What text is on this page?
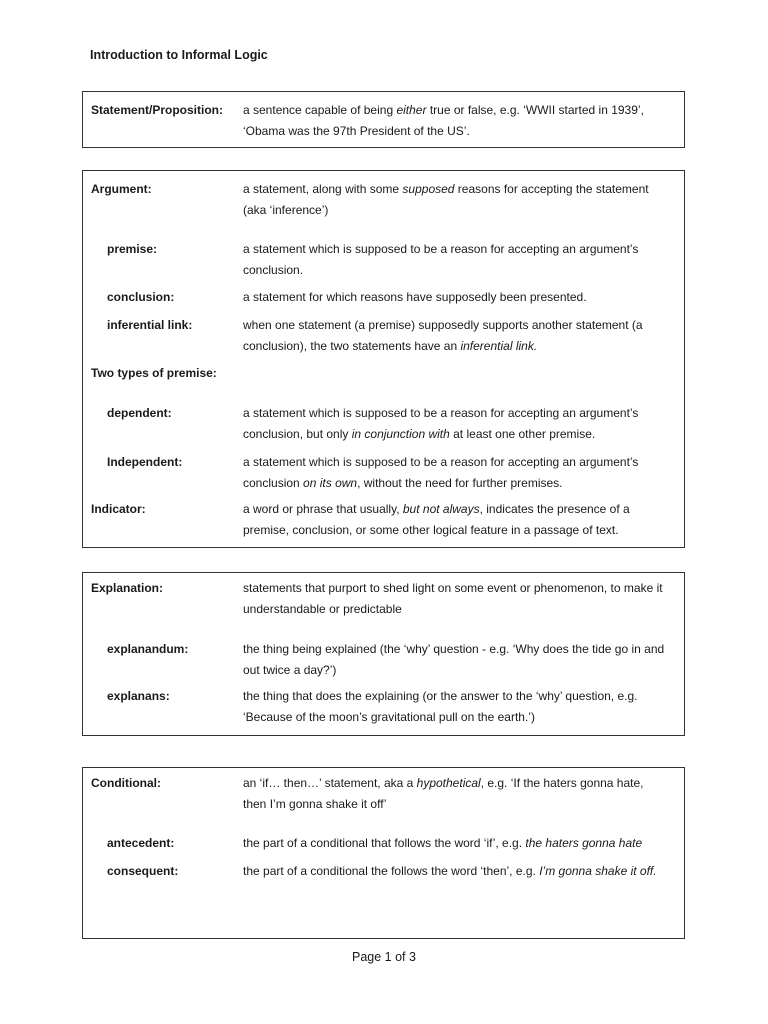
Introduction to Informal Logic
Statement/Proposition: a sentence capable of being either true or false, e.g. ‘WWII started in 1939’, ‘Obama was the 97th President of the US’.
Argument:	a statement, along with some supposed reasons for accepting the statement (aka ‘inference’)
premise:	a statement which is supposed to be a reason for accepting an argument’s conclusion.
conclusion:	a statement for which reasons have supposedly been presented.
inferential link:	when one statement (a premise) supposedly supports another statement (a conclusion), the two statements have an inferential link.
Two types of premise:
dependent:	a statement which is supposed to be a reason for accepting an argument’s conclusion, but only in conjunction with at least one other premise.
Independent:	a statement which is supposed to be a reason for accepting an argument’s conclusion on its own, without the need for further premises.
Indicator:	a word or phrase that usually, but not always, indicates the presence of a premise, conclusion, or some other logical feature in a passage of text.
Explanation:	statements that purport to shed light on some event or phenomenon, to make it understandable or predictable
explanandum:	the thing being explained (the ‘why’ question - e.g. ‘Why does the tide go in and out twice a day?’)
explanans:	the thing that does the explaining (or the answer to the ‘why’ question, e.g. ‘Because of the moon’s gravitational pull on the earth.’)
Conditional:	an ‘if… then…’ statement, aka a hypothetical, e.g. ‘If the haters gonna hate, then I’m gonna shake it off’
antecedent:	the part of a conditional that follows the word ‘if’, e.g. the haters gonna hate
consequent:	the part of a conditional the follows the word ‘then’, e.g. I’m gonna shake it off.
Page 1 of 3
